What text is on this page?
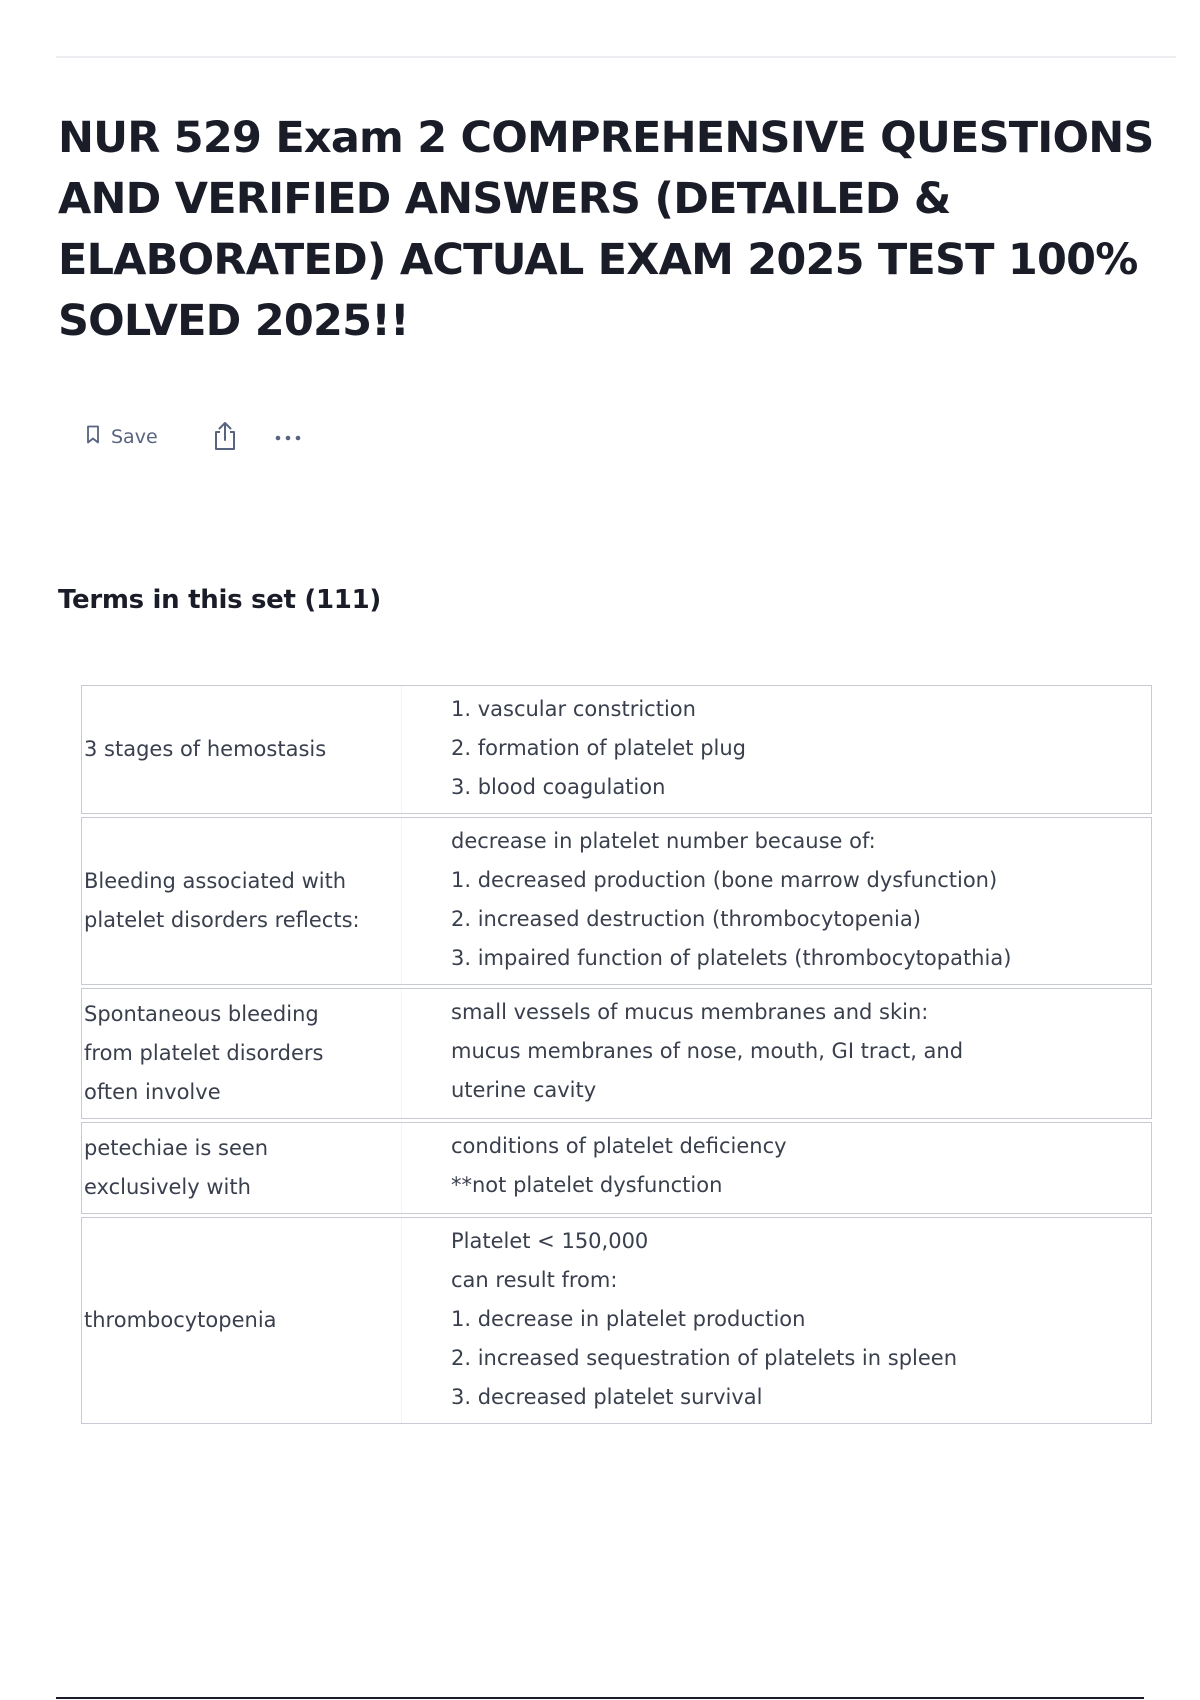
NUR 529 Exam 2 COMPREHENSIVE QUESTIONS AND VERIFIED ANSWERS (DETAILED & ELABORATED) ACTUAL EXAM 2025 TEST 100% SOLVED 2025!!
Save
Terms in this set (111)
3 stages of hemostasis
1. vascular constriction
2. formation of platelet plug
3. blood coagulation
Bleeding associated with
platelet disorders reflects:
decrease in platelet number because of:
1. decreased production (bone marrow dysfunction)
2. increased destruction (thrombocytopenia)
3. impaired function of platelets (thrombocytopathia)
Spontaneous bleeding
from platelet disorders
often involve
small vessels of mucus membranes and skin:
mucus membranes of nose, mouth, GI tract, and
uterine cavity
petechiae is seen
exclusively with
conditions of platelet deficiency
**not platelet dysfunction
thrombocytopenia
Platelet < 150,000
can result from:
1. decrease in platelet production
2. increased sequestration of platelets in spleen
3. decreased platelet survival
